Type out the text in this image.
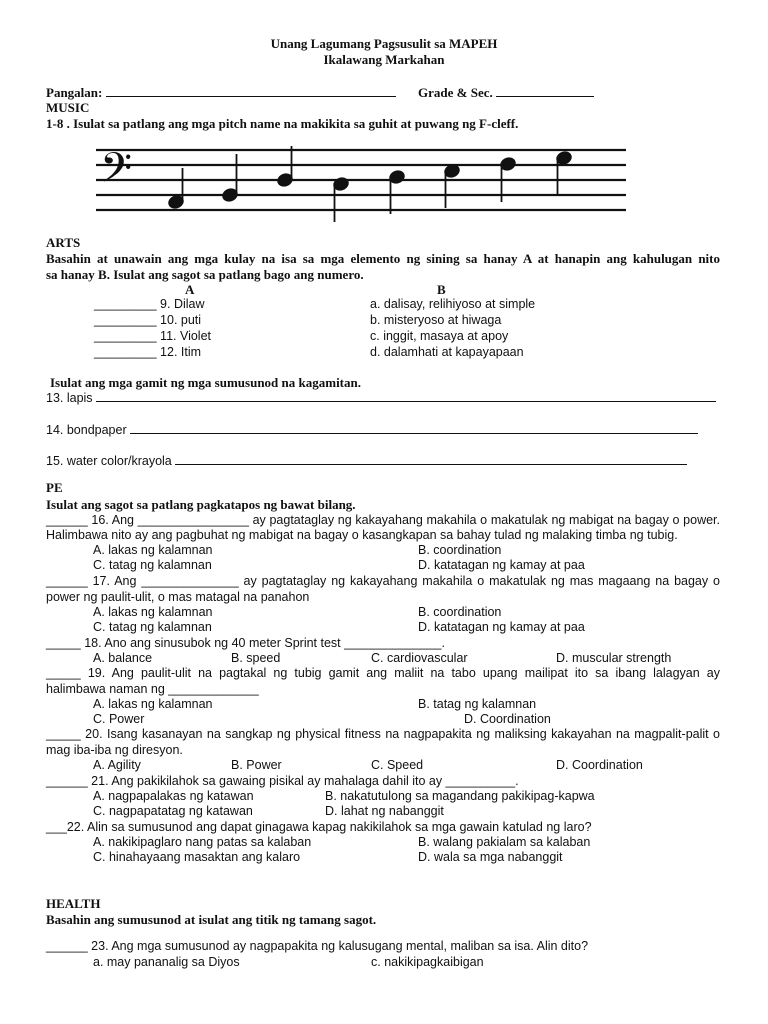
Unang Lagumang Pagsusulit sa MAPEH
Ikalawang Markahan
Pangalan:	Grade & Sec.
MUSIC
1-8 . Isulat sa patlang ang mga pitch name na makikita sa guhit at puwang ng F-cleff.
𝄢
ARTS
Basahin at unawain ang mga kulay na isa sa mga elemento ng sining sa hanay A at hanapin ang kahulugan nito
sa hanay B. Isulat ang sagot sa patlang bago ang numero.
A	B
_________ 9. Dilaw	a. dalisay, relihiyoso at simple
_________ 10. puti	b. misteryoso at hiwaga
_________ 11. Violet	c. inggit, masaya at apoy
_________ 12. Itim	d. dalamhati at kapayapaan
Isulat ang mga gamit ng mga sumusunod na kagamitan.
13. lapis
14. bondpaper
15. water color/krayola
PE
Isulat ang sagot sa patlang pagkatapos ng bawat bilang.
______ 16. Ang ________________ ay pagtataglay ng kakayahang makahila o makatulak ng mabigat na bagay o power.
Halimbawa nito ay ang pagbuhat ng mabigat na bagay o kasangkapan sa bahay tulad ng malaking timba ng tubig.
A. lakas ng kalamnan	B. coordination
C. tatag ng kalamnan	D. katatagan ng kamay at paa
______ 17. Ang ______________ ay pagtataglay ng kakayahang makahila o makatulak ng mas magaang na bagay o
power ng paulit-ulit, o mas matagal na panahon
A. lakas ng kalamnan	B. coordination
C. tatag ng kalamnan	D. katatagan ng kamay at paa
_____ 18. Ano ang sinusubok ng 40 meter Sprint test ______________.
A. balance	B. speed	C. cardiovascular	D. muscular strength
_____ 19. Ang paulit-ulit na pagtakal ng tubig gamit ang maliit na tabo upang mailipat ito sa ibang lalagyan ay
halimbawa naman ng _____________
A. lakas ng kalamnan	B. tatag ng kalamnan
C. Power	D. Coordination
_____ 20. Isang kasanayan na sangkap ng physical fitness na nagpapakita ng maliksing kakayahan na magpalit-palit o
mag iba-iba ng diresyon.
A. Agility	B. Power	C. Speed	D. Coordination
______ 21. Ang pakikilahok sa gawaing pisikal ay mahalaga dahil ito ay __________.
A. nagpapalakas ng katawan	B. nakatutulong sa magandang pakikipag-kapwa
C. nagpapatatag ng katawan	D. lahat ng nabanggit
___22. Alin sa sumusunod ang dapat ginagawa kapag nakikilahok sa mga gawain katulad ng laro?
A. nakikipaglaro nang patas sa kalaban	B. walang pakialam sa kalaban
C. hinahayaang masaktan ang kalaro	D. wala sa mga nabanggit
HEALTH
Basahin ang sumusunod at isulat ang titik ng tamang sagot.
______ 23. Ang mga sumusunod ay nagpapakita ng kalusugang mental, maliban sa isa. Alin dito?
a. may pananalig sa Diyos	c. nakikipagkaibigan
